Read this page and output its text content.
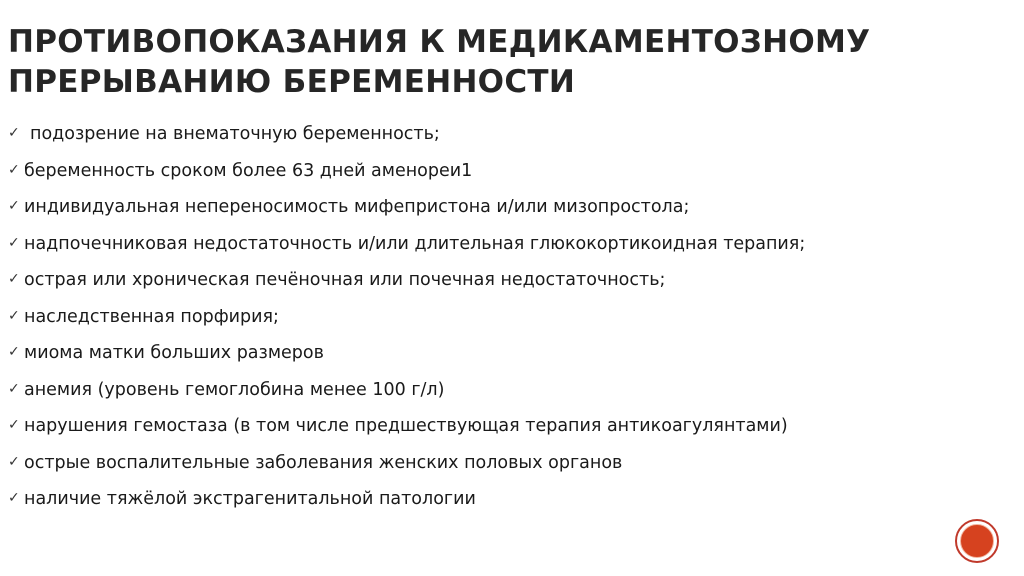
ПРОТИВОПОКАЗАНИЯ К МЕДИКАМЕНТОЗНОМУ
ПРЕРЫВАНИЮ БЕРЕМЕННОСТИ
✓ подозрение на внематочную беременность;
✓ беременность сроком более 63 дней аменореи1
✓ индивидуальная непереносимость мифепристона и/или мизопростола;
✓ надпочечниковая недостаточность и/или длительная глюкокортикоидная терапия;
✓ острая или хроническая печёночная или почечная недостаточность;
✓ наследственная порфирия;
✓ миома матки больших размеров
✓ анемия (уровень гемоглобина менее 100 г/л)
✓ нарушения гемостаза (в том числе предшествующая терапия антикоагулянтами)
✓ острые воспалительные заболевания женских половых органов
✓ наличие тяжёлой экстрагенитальной патологии
